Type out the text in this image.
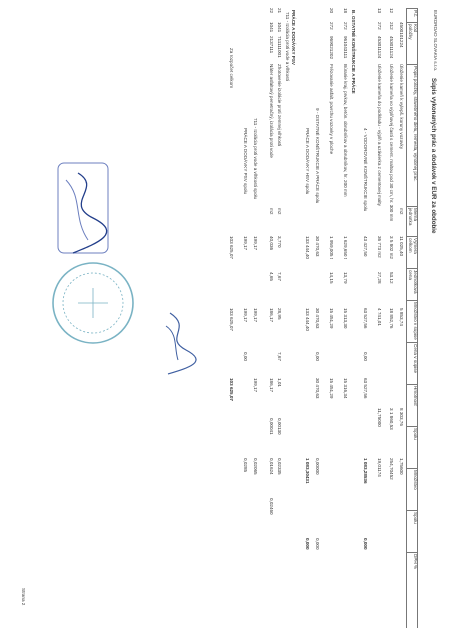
EUROROAD SLOVAKIA s.r.o.
Súpis vykonaných prác a dodávok v EUR za obdobie
P.č.
Kód položky
Popis položky, stavebného dielu, remesla, výrobnej prac.
Merná jednotka
Výmera celkom
Jednotková cena
Množstvo v súpise
Cena v súpise
Hmotnosť
Spolu
Množstvo
Spolu
DPH %
4500101224
Úloženie kameň k vylepš. koruny vozovky
m2
11 025,40
5 853,74
8 303,76
1,75600
12
212
453011124
Uloženie kameňa vo výplňovej časti s cement. maltou pod 30 cm, hr. 300 mm
3 5 802 m2
53.12
18 852,76
3 1 860,53
254,70452
13
272
453011124
Uloženie kameňa do podkladu - výplň a uzávierka z cementovej malty
36 773 m2
27,28
4 741,01
11,75000
19,01174
4 - VODOROVNÉ KONŠTRUKCIE spolu
43 427,50
63 527,56
0,00
63 527,56
1 083,28536
0,000
B. OSTATNÉ KONŠTRUKCIE A PRÁCE
18
272
961043111
Búranie kraj. prvkov, betón. obrubníkov a obrubníkov, hr. 200 mm
1 629,650 t
13,79
15 313,30
15 316,34
20
272
969021202
Frézovanie asfalt. povrchu vozovky v ploche
1 959,005 t
14,15
15 451,29
15 451,29
9 - OSTATNÉ KONŠTRUKCIE A PRÁCE spolu
30 470,63
30 470,63
0,00
30 470,63
0,00000
0,000
PRÁCE A DODÁVKY HSV spolu
133 444,40
133 444,40
1 083,30431
0,000
PRÁCE A DODÁVKY PSV
711 - Izolácia proti vode a vlhkosti
21
1041
711111001
Zhotovenie izolácie proti zemnej vlhkosti
m2
3,770
7,67
28,95
7,67
1,01
0,00130
0,02335
22
1041
2137111
Náter asfaltový penetračný, izolácia proti vode
m2
40,036
4,65
186,17
186,17
0,00041
0,01624
0,02460
711 - Izolácia proti vode a vlhkosti spolu
199,17
199,17
199,17
0,02065
PRÁCE A DODÁVKY PSV spolu
199,17
199,17
0,00
0,0285
Za rozpočet celkom
103 625,07
103 625,07
103 625,07
Strana 2
